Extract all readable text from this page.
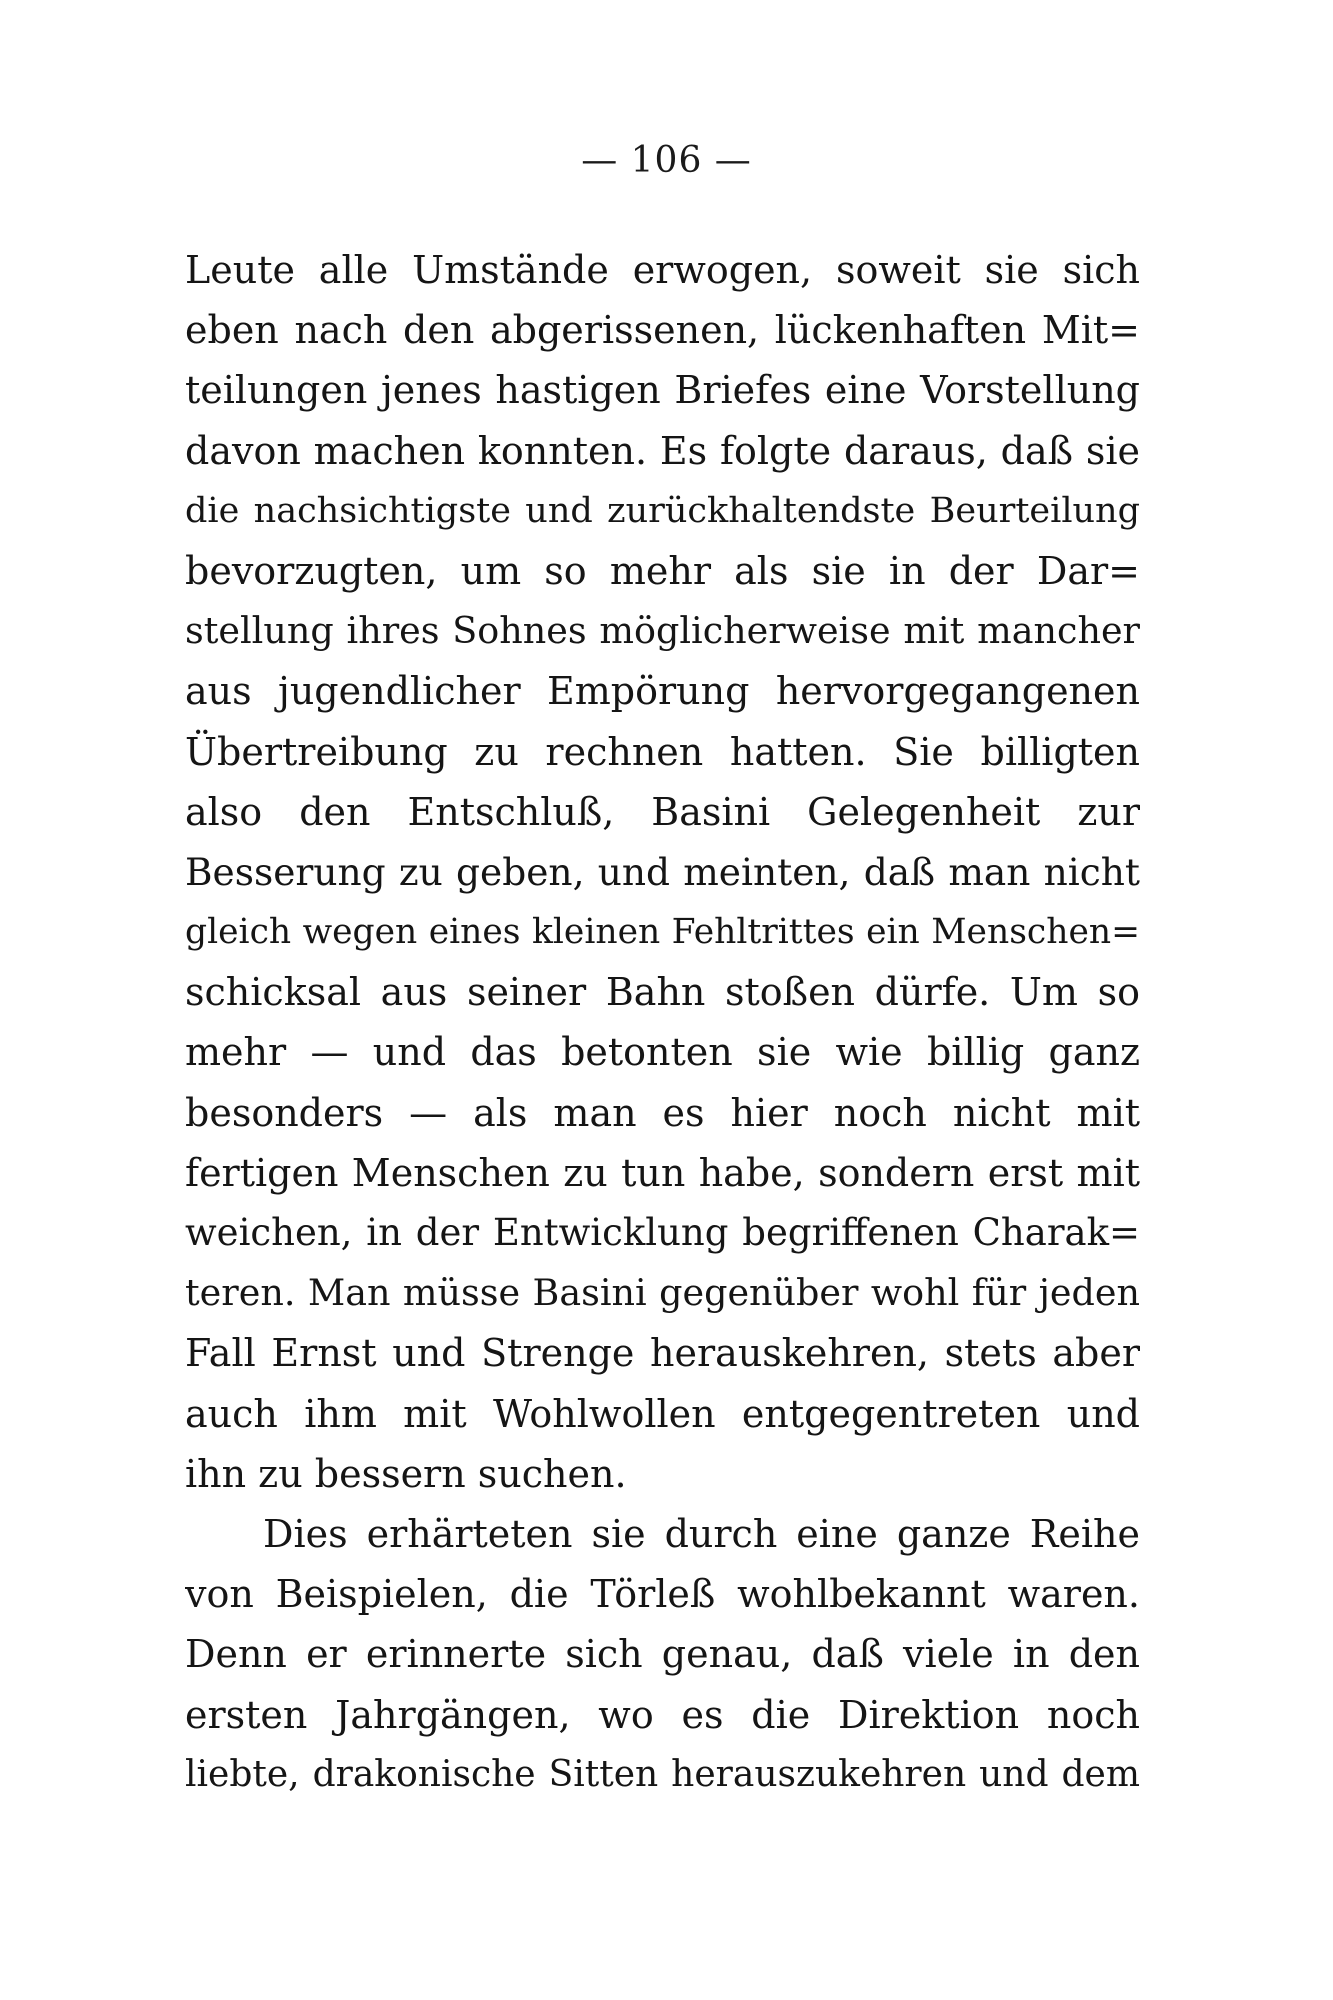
— 106 —
Leute alle Umstände erwogen, soweit sie sich
eben nach den abgerissenen, lückenhaften Mit=
teilungen jenes hastigen Briefes eine Vorstellung
davon machen konnten. Es folgte daraus, daß sie
die nachsichtigste und zurückhaltendste Beurteilung
bevorzugten, um so mehr als sie in der Dar=
stellung ihres Sohnes möglicherweise mit mancher
aus jugendlicher Empörung hervorgegangenen
Übertreibung zu rechnen hatten. Sie billigten
also den Entschluß, Basini Gelegenheit zur
Besserung zu geben, und meinten, daß man nicht
gleich wegen eines kleinen Fehltrittes ein Menschen=
schicksal aus seiner Bahn stoßen dürfe. Um so
mehr — und das betonten sie wie billig ganz
besonders — als man es hier noch nicht mit
fertigen Menschen zu tun habe, sondern erst mit
weichen, in der Entwicklung begriffenen Charak=
teren. Man müsse Basini gegenüber wohl für jeden
Fall Ernst und Strenge herauskehren, stets aber
auch ihm mit Wohlwollen entgegentreten und
ihn zu bessern suchen.
Dies erhärteten sie durch eine ganze Reihe
von Beispielen, die Törleß wohlbekannt waren.
Denn er erinnerte sich genau, daß viele in den
ersten Jahrgängen, wo es die Direktion noch
liebte, drakonische Sitten herauszukehren und dem
